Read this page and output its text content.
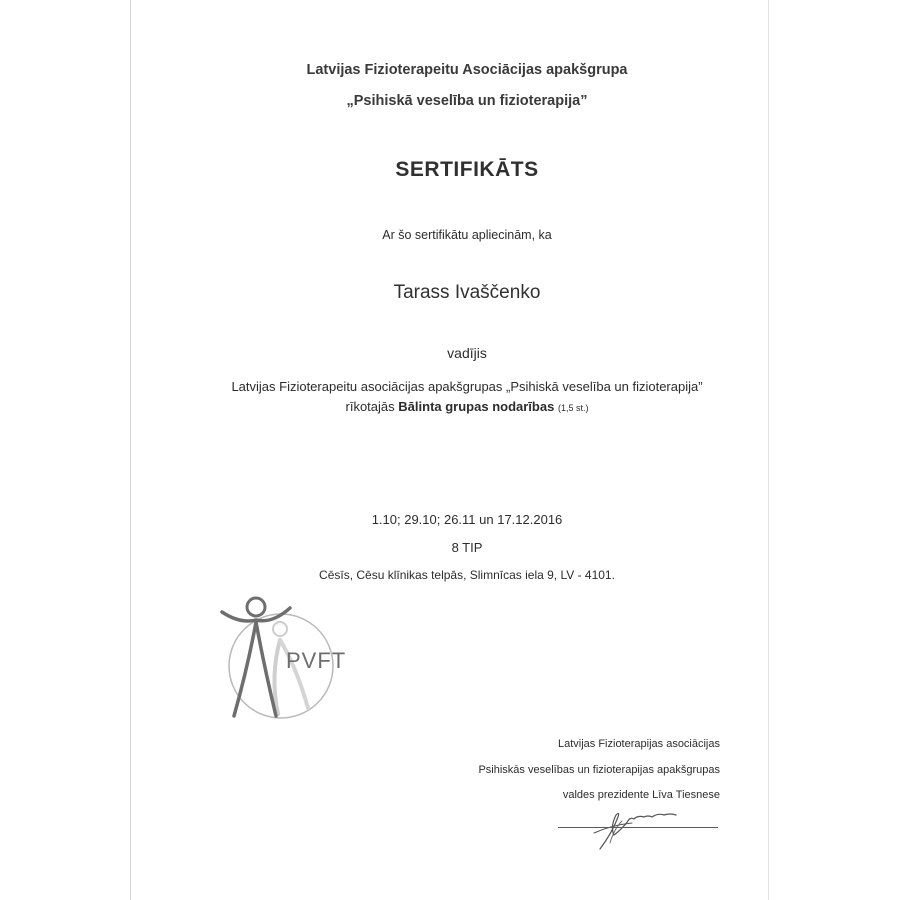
Latvijas Fizioterapeitu Asociācijas apakšgrupa
„Psihiskā veselība un fizioterapija”
SERTIFIKĀTS
Ar šo sertifikātu apliecinām, ka
Tarass Ivaščenko
vadījis
Latvijas Fizioterapeitu asociācijas apakšgrupas „Psihiskā veselība un fizioterapija”
rīkotajās Bālinta grupas nodarības (1,5 st.)
1.10; 29.10; 26.11 un 17.12.2016
8 TIP
Cēsīs, Cēsu klīnikas telpās, Slimnīcas iela 9, LV - 4101.
PVFT
Latvijas Fizioterapijas asociācijas
Psihiskās veselības un fizioterapijas apakšgrupas
valdes prezidente Līva Tiesnese
